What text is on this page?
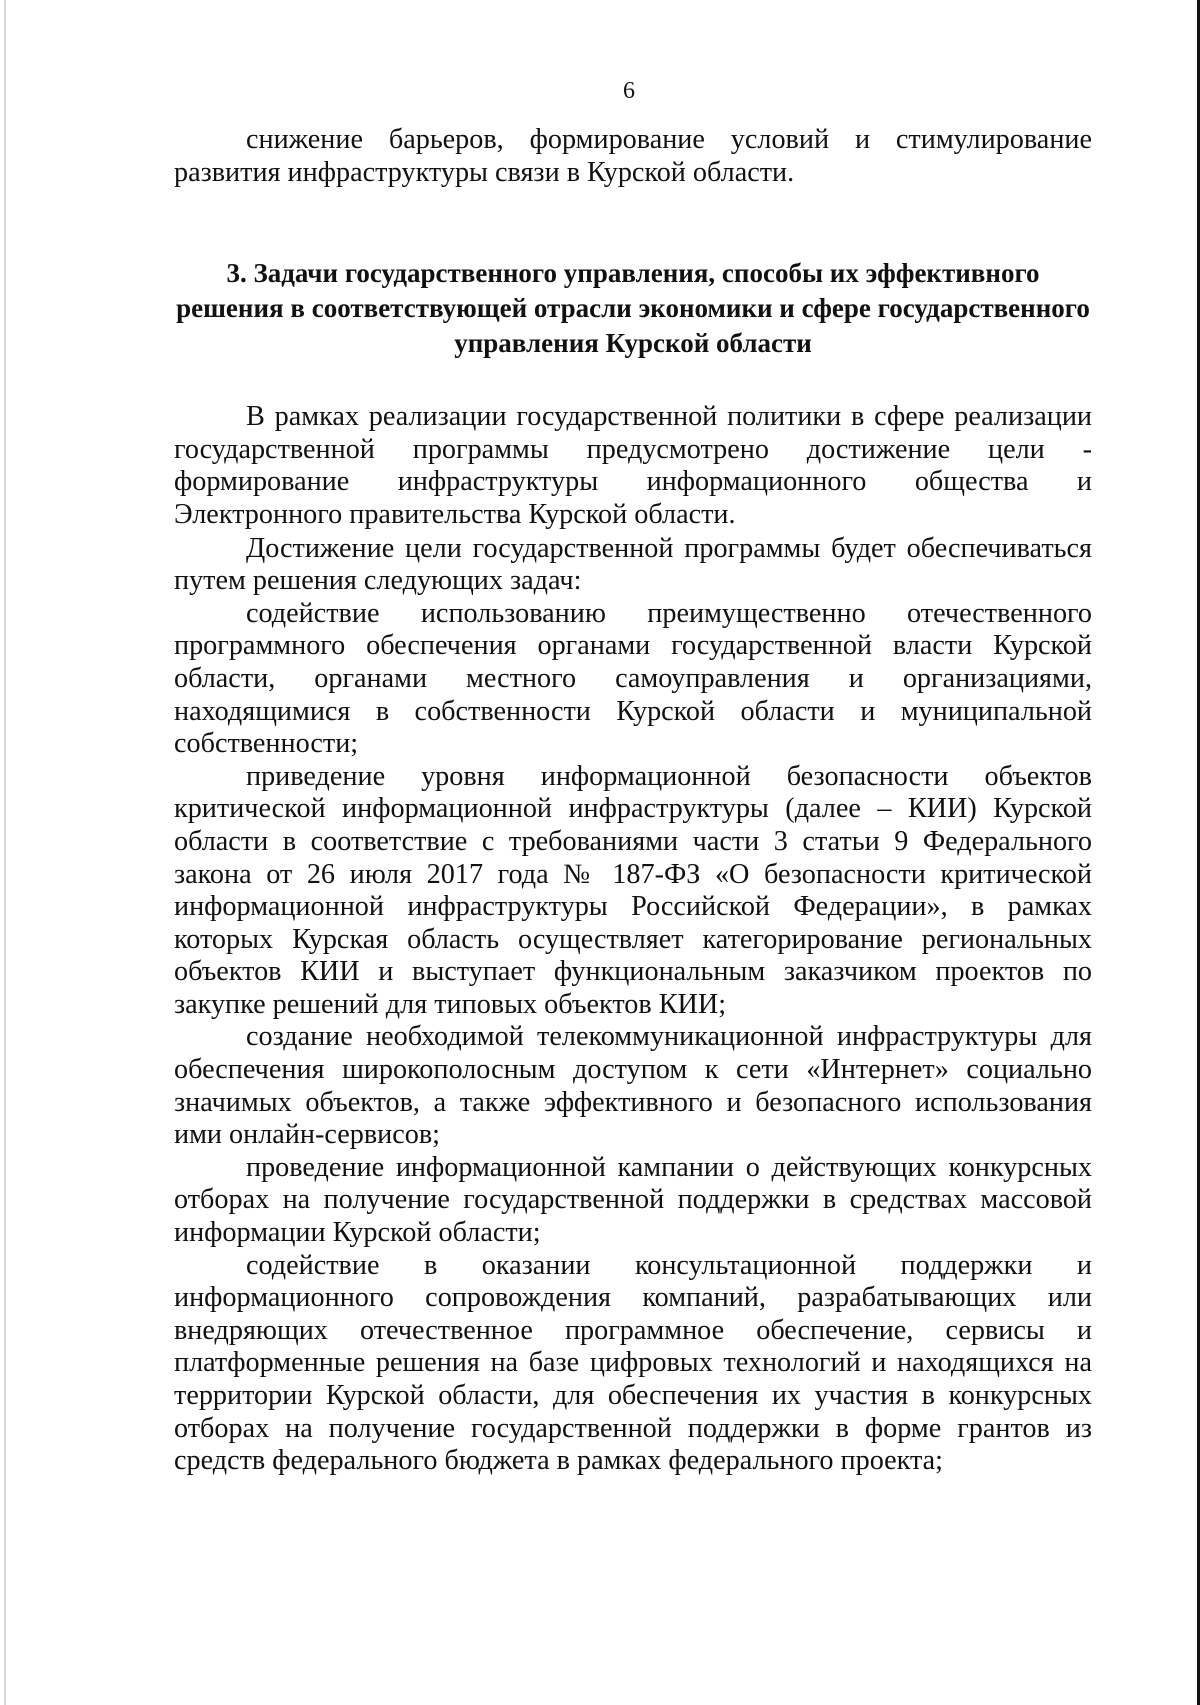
6

снижение барьеров, формирование условий и стимулирование развития инфраструктуры связи в Курской области.

3. Задачи государственного управления, способы их эффективного решения в соответствующей отрасли экономики и сфере государственного управления Курской области

В рамках реализации государственной политики в сфере реализации государственной программы предусмотрено достижение цели - формирование инфраструктуры информационного общества и Электронного правительства Курской области.

Достижение цели государственной программы будет обеспечиваться путем решения следующих задач:

содействие использованию преимущественно отечественного программного обеспечения органами государственной власти Курской области, органами местного самоуправления и организациями, находящимися в собственности Курской области и муниципальной собственности;

приведение уровня информационной безопасности объектов критической информационной инфраструктуры (далее – КИИ) Курской области в соответствие с требованиями части 3 статьи 9 Федерального закона от 26 июля 2017 года № 187-ФЗ «О безопасности критической информационной инфраструктуры Российской Федерации», в рамках которых Курская область осуществляет категорирование региональных объектов КИИ и выступает функциональным заказчиком проектов по закупке решений для типовых объектов КИИ;

создание необходимой телекоммуникационной инфраструктуры для обеспечения широкополосным доступом к сети «Интернет» социально значимых объектов, а также эффективного и безопасного использования ими онлайн-сервисов;

проведение информационной кампании о действующих конкурсных отборах на получение государственной поддержки в средствах массовой информации Курской области;

содействие в оказании консультационной поддержки и информационного сопровождения компаний, разрабатывающих или внедряющих отечественное программное обеспечение, сервисы и платформенные решения на базе цифровых технологий и находящихся на территории Курской области, для обеспечения их участия в конкурсных отборах на получение государственной поддержки в форме грантов из средств федерального бюджета в рамках федерального проекта;
